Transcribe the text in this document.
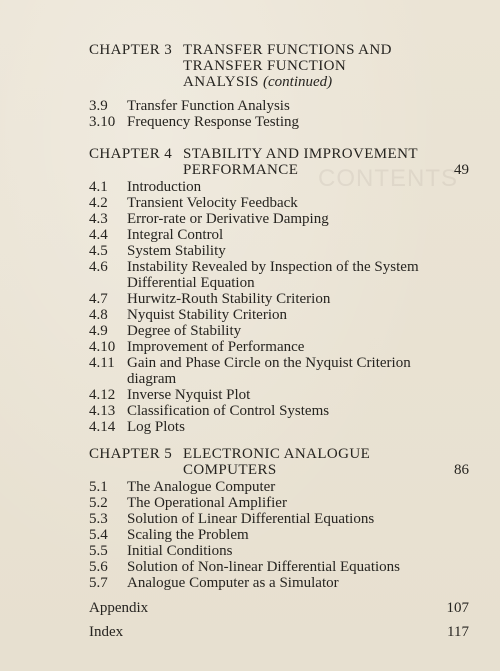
CONTENTS
CHAPTER 3 TRANSFER FUNCTIONS AND
TRANSFER FUNCTION
ANALYSIS (continued)
3.9 Transfer Function Analysis
3.10 Frequency Response Testing
CHAPTER 4 STABILITY AND IMPROVEMENT
PERFORMANCE	49
4.1 Introduction
4.2 Transient Velocity Feedback
4.3 Error-rate or Derivative Damping
4.4 Integral Control
4.5 System Stability
4.6 Instability Revealed by Inspection of the System
Differential Equation
4.7 Hurwitz-Routh Stability Criterion
4.8 Nyquist Stability Criterion
4.9 Degree of Stability
4.10 Improvement of Performance
4.11 Gain and Phase Circle on the Nyquist Criterion
diagram
4.12 Inverse Nyquist Plot
4.13 Classification of Control Systems
4.14 Log Plots
CHAPTER 5 ELECTRONIC ANALOGUE
COMPUTERS	86
5.1 The Analogue Computer
5.2 The Operational Amplifier
5.3 Solution of Linear Differential Equations
5.4 Scaling the Problem
5.5 Initial Conditions
5.6 Solution of Non-linear Differential Equations
5.7 Analogue Computer as a Simulator
Appendix	107
Index	117
